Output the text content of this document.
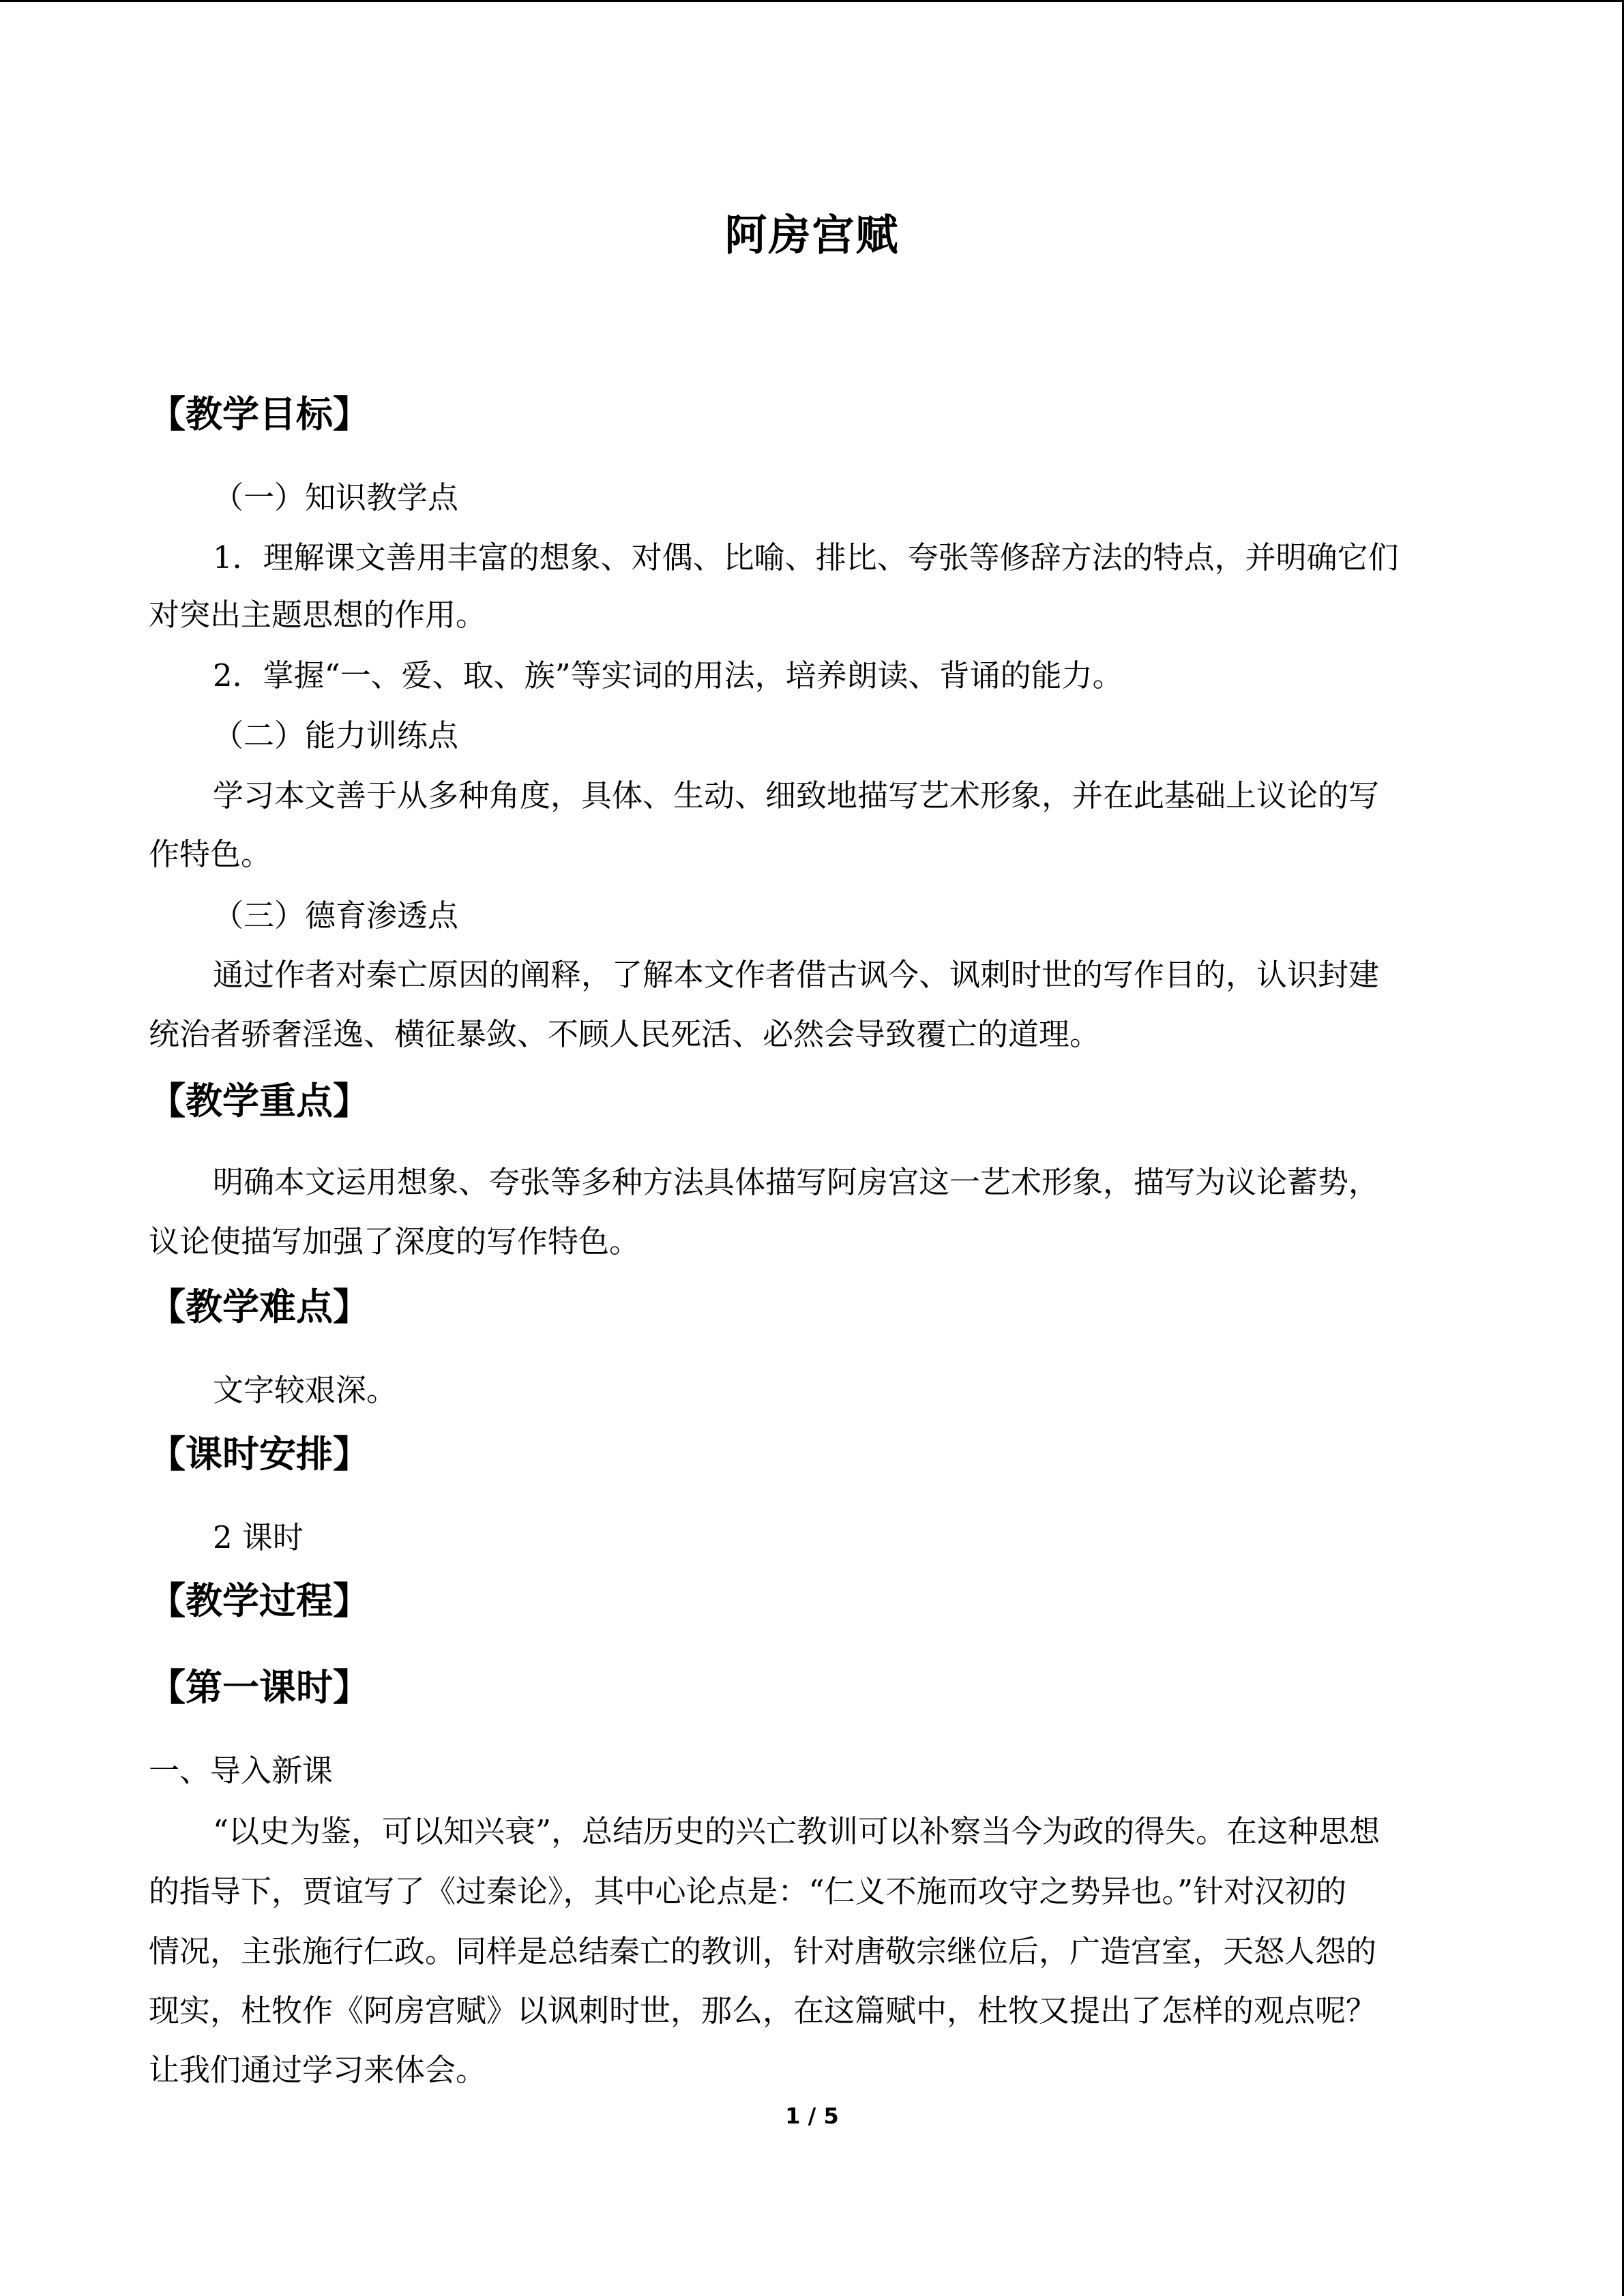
阿房宫赋
【教学目标】
（一）知识教学点
1．理解课文善用丰富的想象、对偶、比喻、排比、夸张等修辞方法的特点，并明确它们
对突出主题思想的作用。
2．掌握“一、爱、取、族”等实词的用法，培养朗读、背诵的能力。
（二）能力训练点
学习本文善于从多种角度，具体、生动、细致地描写艺术形象，并在此基础上议论的写
作特色。
（三）德育渗透点
通过作者对秦亡原因的阐释，了解本文作者借古讽今、讽刺时世的写作目的，认识封建
统治者骄奢淫逸、横征暴敛、不顾人民死活、必然会导致覆亡的道理。
【教学重点】
明确本文运用想象、夸张等多种方法具体描写阿房宫这一艺术形象，描写为议论蓄势，
议论使描写加强了深度的写作特色。
【教学难点】
文字较艰深。
【课时安排】
2 课时
【教学过程】
【第一课时】
一、导入新课
“以史为鉴，可以知兴衰”，总结历史的兴亡教训可以补察当今为政的得失。在这种思想
的指导下，贾谊写了《过秦论》，其中心论点是：“仁义不施而攻守之势异也。”针对汉初的
情况，主张施行仁政。同样是总结秦亡的教训，针对唐敬宗继位后，广造宫室，天怒人怨的
现实，杜牧作《阿房宫赋》以讽刺时世，那么，在这篇赋中，杜牧又提出了怎样的观点呢？
让我们通过学习来体会。
1 / 5
